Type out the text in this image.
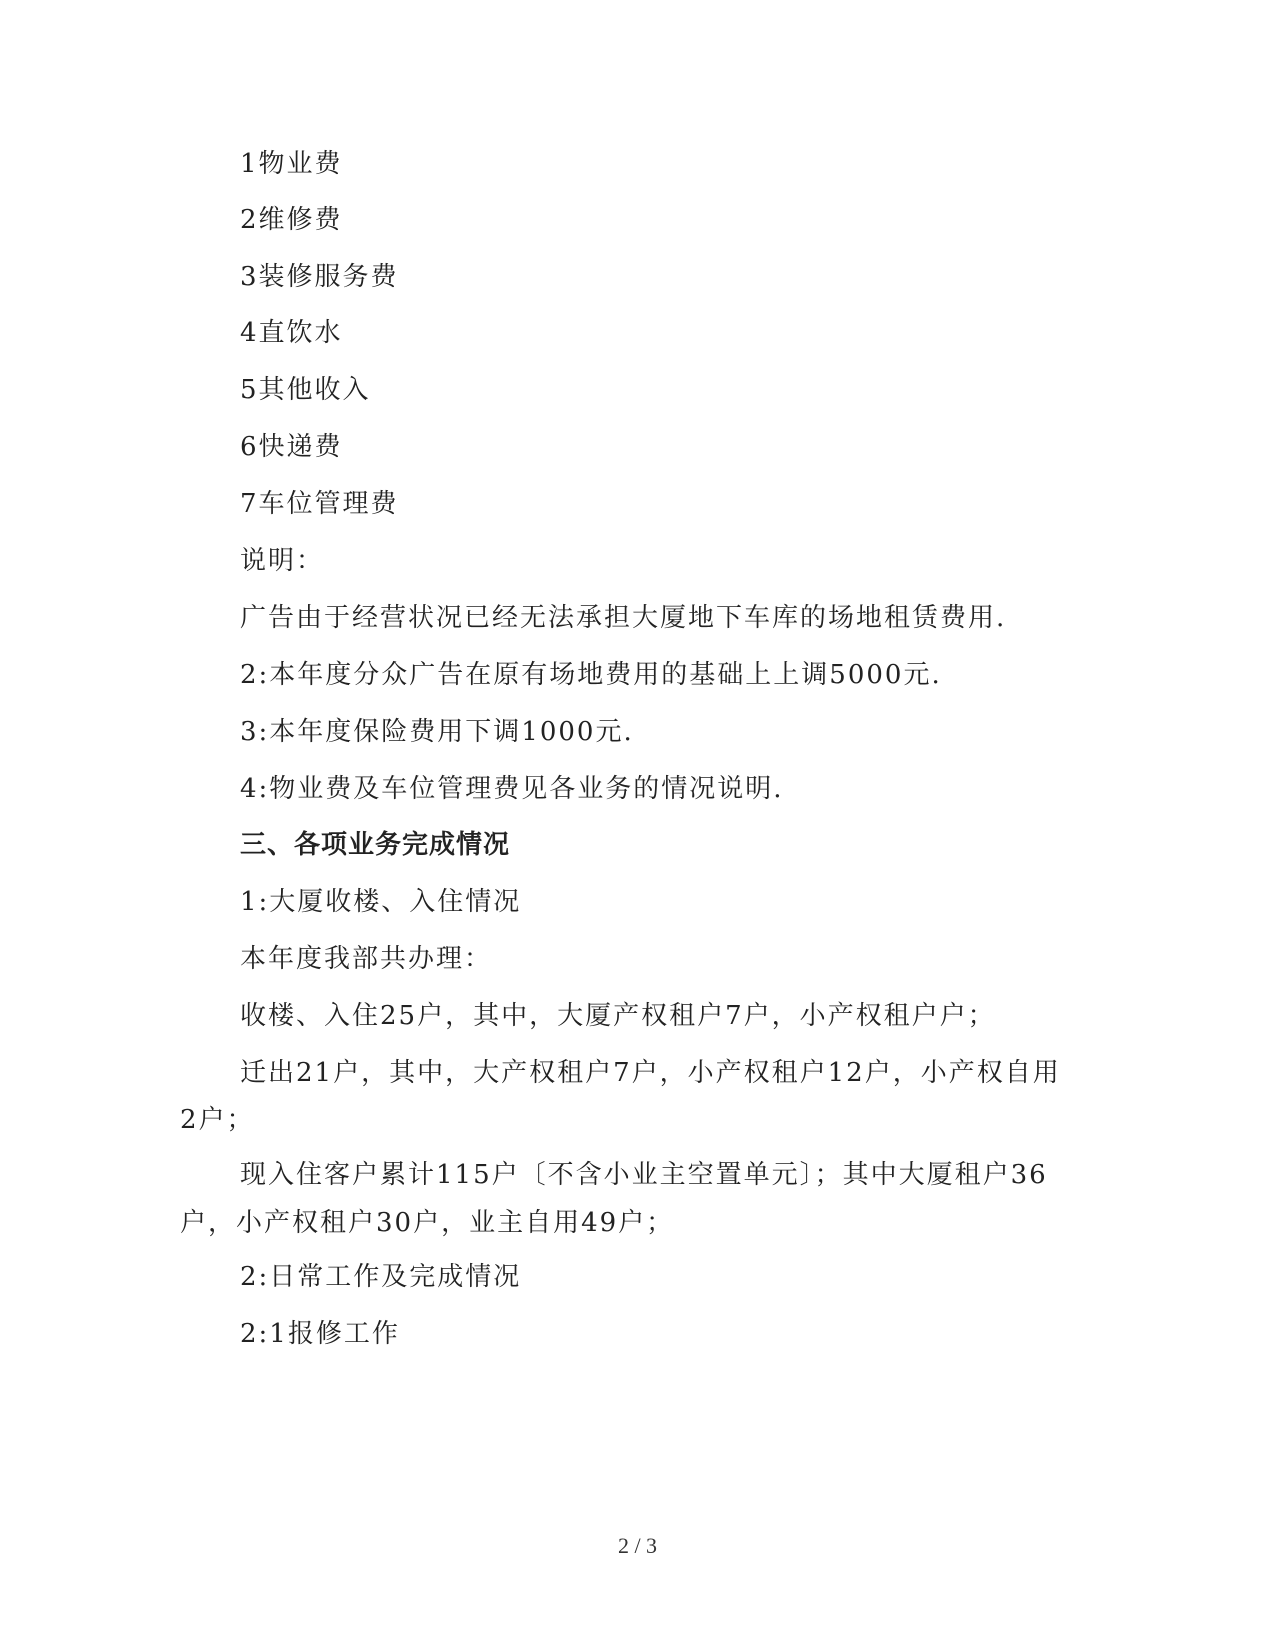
1物业费
2维修费
3装修服务费
4直饮水
5其他收入
6快递费
7车位管理费
说明：
广告由于经营状况已经无法承担大厦地下车库的场地租赁费用.
2:本年度分众广告在原有场地费用的基础上上调5000元.
3:本年度保险费用下调1000元.
4:物业费及车位管理费见各业务的情况说明.
三、各项业务完成情况
1:大厦收楼、入住情况
本年度我部共办理：
收楼、入住25户，其中，大厦产权租户7户，小产权租户户；
迁出21户，其中，大产权租户7户，小产权租户12户，小产权自用
2户；
现入住客户累计115户〔不含小业主空置单元〕；其中大厦租户36
户，小产权租户30户，业主自用49户；
2:日常工作及完成情况
2:1报修工作
2 / 3
